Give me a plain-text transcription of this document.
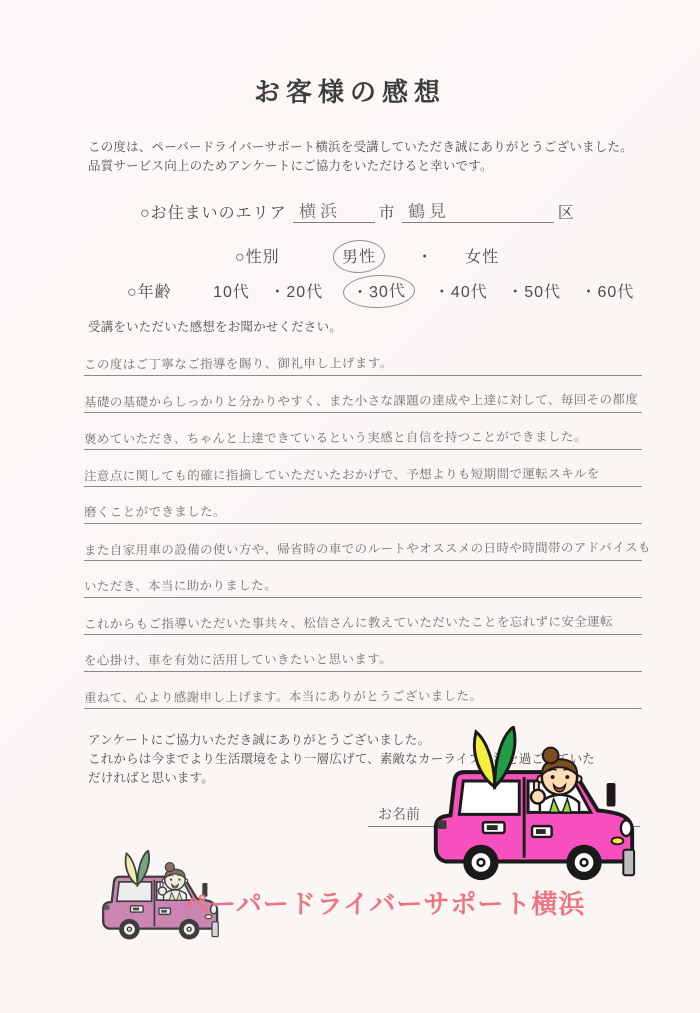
お客様の感想
この度は、ペーパードライバーサポート横浜を受講していただき誠にありがとうございました。
品質サービス向上のためアンケートにご協力をいただけると幸いです。
○お住まいのエリア 横浜 市 鶴見	区
○性別	男性	・ 女性
○年齢	10代 ・20代 ・30代 ・40代 ・50代 ・60代
受講をいただいた感想をお聞かせください。
この度はご丁寧なご指導を賜り、御礼申し上げます。
基礎の基礎からしっかりと分かりやすく、また小さな課題の達成や上達に対して、毎回その都度
褒めていただき、ちゃんと上達できているという実感と自信を持つことができました。
注意点に関しても的確に指摘していただいたおかげで、予想よりも短期間で運転スキルを
磨くことができました。
また自家用車の設備の使い方や、帰省時の車でのルートやオススメの日時や時間帯のアドバイスも
いただき、本当に助かりました。
これからもご指導いただいた事共々、松信さんに教えていただいたことを忘れずに安全運転
を心掛け、車を有効に活用していきたいと思います。
重ねて、心より感謝申し上げます。本当にありがとうございました。
アンケートにご協力いただき誠にありがとうございました。
これからは今までより生活環境をより一層広げて、素敵なカーライフ生活を過ごしていた
だければと思います。
お名前
ペーパードライバーサポート横浜
